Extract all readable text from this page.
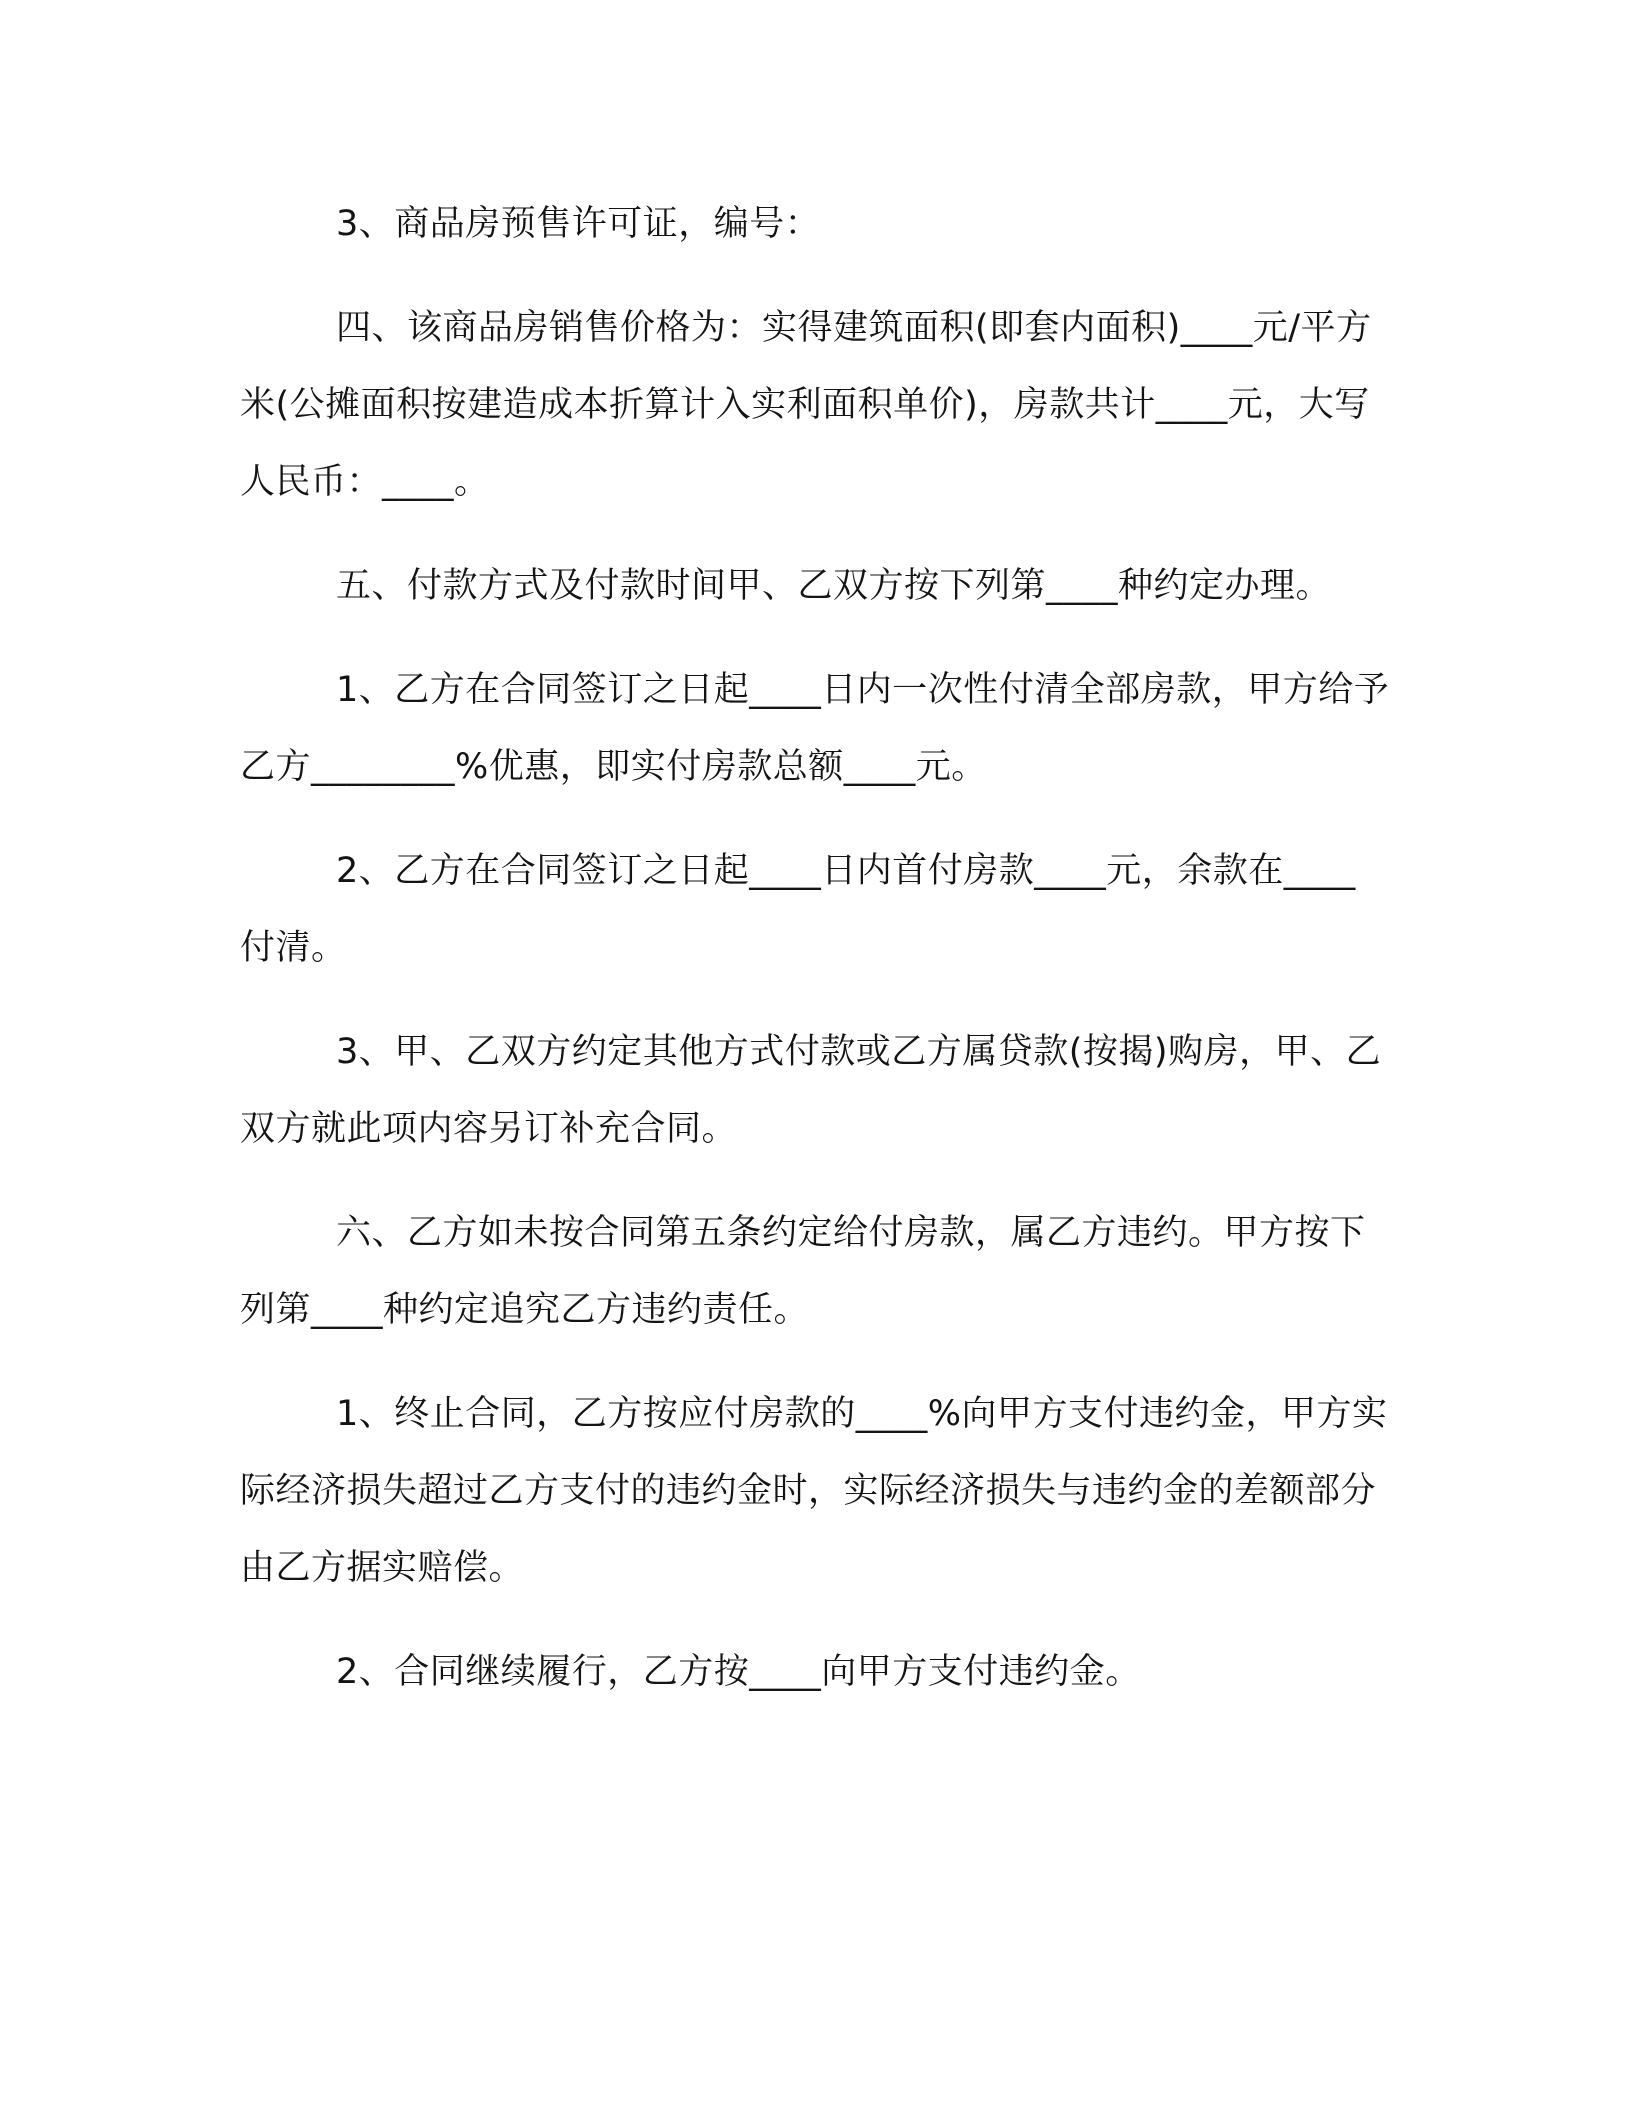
3、商品房预售许可证，编号：

四、该商品房销售价格为：实得建筑面积(即套内面积)____元/平方米(公摊面积按建造成本折算计入实利面积单价)，房款共计____元，大写人民币：____。

五、付款方式及付款时间甲、乙双方按下列第____种约定办理。

1、乙方在合同签订之日起____日内一次性付清全部房款，甲方给予乙方________%优惠，即实付房款总额____元。

2、乙方在合同签订之日起____日内首付房款____元，余款在____付清。

3、甲、乙双方约定其他方式付款或乙方属贷款(按揭)购房，甲、乙双方就此项内容另订补充合同。

六、乙方如未按合同第五条约定给付房款，属乙方违约。甲方按下列第____种约定追究乙方违约责任。

1、终止合同，乙方按应付房款的____%向甲方支付违约金，甲方实际经济损失超过乙方支付的违约金时，实际经济损失与违约金的差额部分由乙方据实赔偿。

2、合同继续履行，乙方按____向甲方支付违约金。
